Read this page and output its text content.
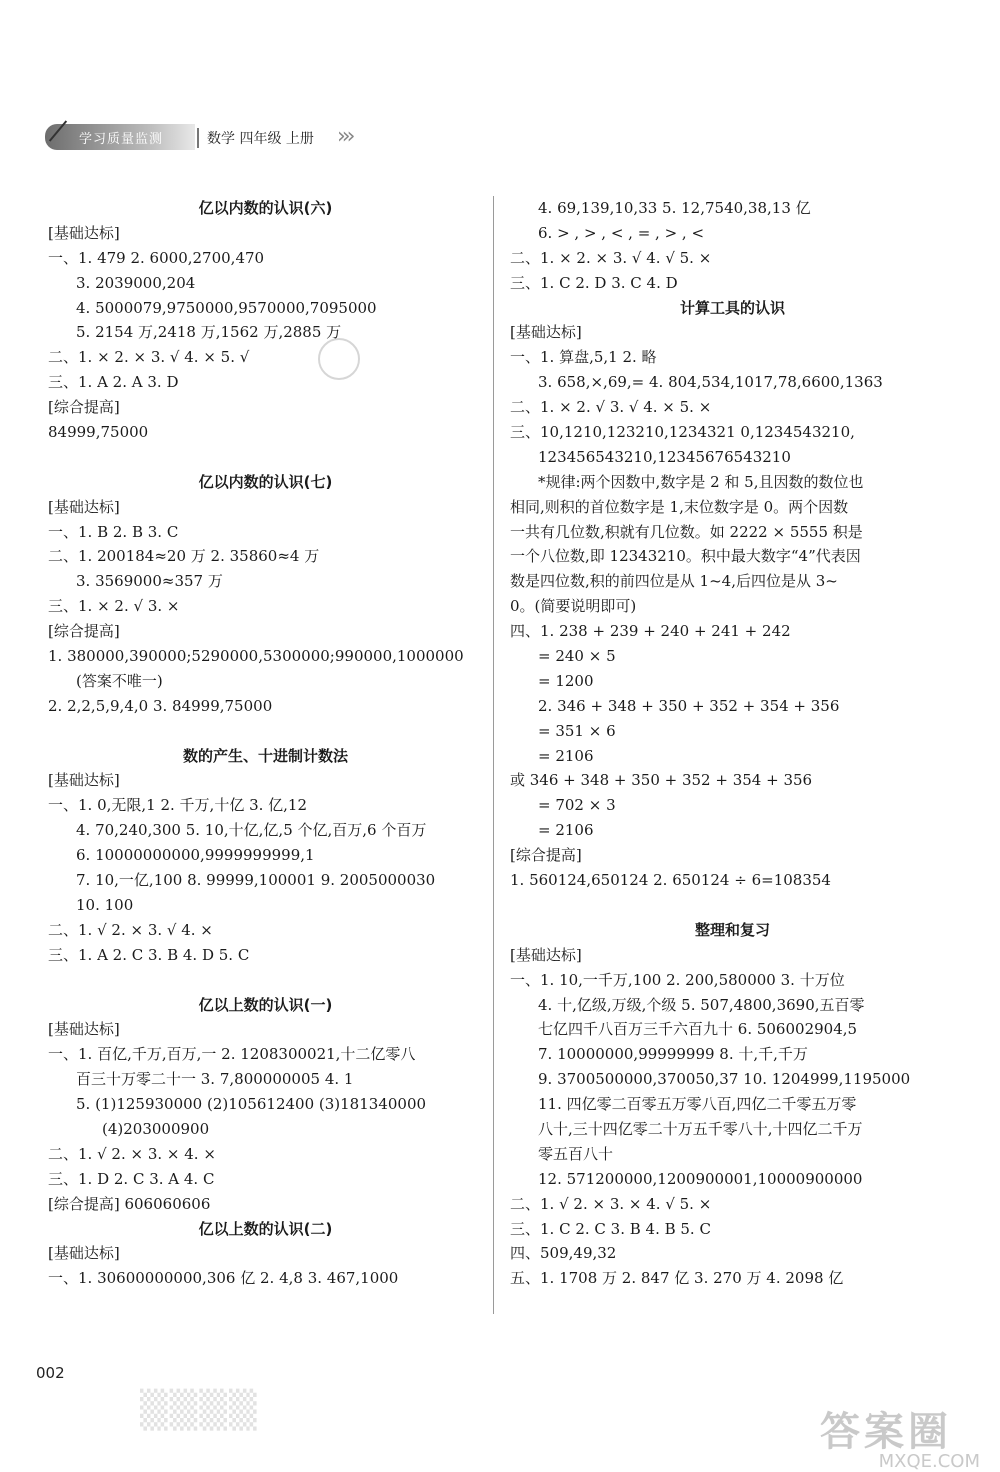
学习质量监测	数学 四年级 上册 ›››
亿以内数的认识(六)
[基础达标]
一、1. 479 2. 6000,2700,470
3. 2039000,204
4. 5000079,9750000,9570000,7095000
5. 2154 万,2418 万,1562 万,2885 万
二、1. × 2. × 3. √ 4. × 5. √
三、1. A 2. A 3. D
[综合提高]
84999,75000
亿以内数的认识(七)
[基础达标]
一、1. B 2. B 3. C
二、1. 200184≈20 万 2. 35860≈4 万
3. 3569000≈357 万
三、1. × 2. √ 3. ×
[综合提高]
1. 380000,390000;5290000,5300000;990000,1000000
(答案不唯一)
2. 2,2,5,9,4,0 3. 84999,75000
数的产生、十进制计数法
[基础达标]
一、1. 0,无限,1 2. 千万,十亿 3. 亿,12
4. 70,240,300 5. 10,十亿,亿,5 个亿,百万,6 个百万
6. 10000000000,9999999999,1
7. 10,一亿,100 8. 99999,100001 9. 2005000030
10. 100
二、1. √ 2. × 3. √ 4. ×
三、1. A 2. C 3. B 4. D 5. C
亿以上数的认识(一)
[基础达标]
一、1. 百亿,千万,百万,一 2. 1208300021,十二亿零八
百三十万零二十一 3. 7,800000005 4. 1
5. (1)125930000 (2)105612400 (3)181340000
(4)203000900
二、1. √ 2. × 3. × 4. ×
三、1. D 2. C 3. A 4. C
[综合提高] 606060606
亿以上数的认识(二)
[基础达标]
一、1. 30600000000,306 亿 2. 4,8 3. 467,1000
4. 69,139,10,33 5. 12,7540,38,13 亿
6. > , > , < , = , > , <
二、1. × 2. × 3. √ 4. √ 5. ×
三、1. C 2. D 3. C 4. D
计算工具的认识
[基础达标]
一、1. 算盘,5,1 2. 略
3. 658,×,69,= 4. 804,534,1017,78,6600,1363
二、1. × 2. √ 3. √ 4. × 5. ×
三、10,1210,123210,1234321 0,1234543210,
123456543210,12345676543210
*规律:两个因数中,数字是 2 和 5,且因数的数位也
相同,则积的首位数字是 1,末位数字是 0。两个因数
一共有几位数,积就有几位数。如 2222 × 5555 积是
一个八位数,即 12343210。积中最大数字“4”代表因
数是四位数,积的前四位是从 1~4,后四位是从 3~
0。(简要说明即可)
四、1. 238 + 239 + 240 + 241 + 242
= 240 × 5
= 1200
2. 346 + 348 + 350 + 352 + 354 + 356
= 351 × 6
= 2106
或 346 + 348 + 350 + 352 + 354 + 356
= 702 × 3
= 2106
[综合提高]
1. 560124,650124 2. 650124 ÷ 6=108354
整理和复习
[基础达标]
一、1. 10,一千万,100 2. 200,580000 3. 十万位
4. 十,亿级,万级,个级 5. 507,4800,3690,五百零
七亿四千八百万三千六百九十 6. 506002904,5
7. 10000000,99999999 8. 十,千,千万
9. 3700500000,370050,37 10. 1204999,1195000
11. 四亿零二百零五万零八百,四亿二千零五万零
八十,三十四亿零二十万五千零八十,十四亿二千万
零五百八十
12. 571200000,1200900001,10000900000
二、1. √ 2. × 3. × 4. √ 5. ×
三、1. C 2. C 3. B 4. B 5. C
四、509,49,32
五、1. 1708 万 2. 847 亿 3. 270 万 4. 2098 亿
▒▒▒▒
002
答案圈
MXQE.COM
